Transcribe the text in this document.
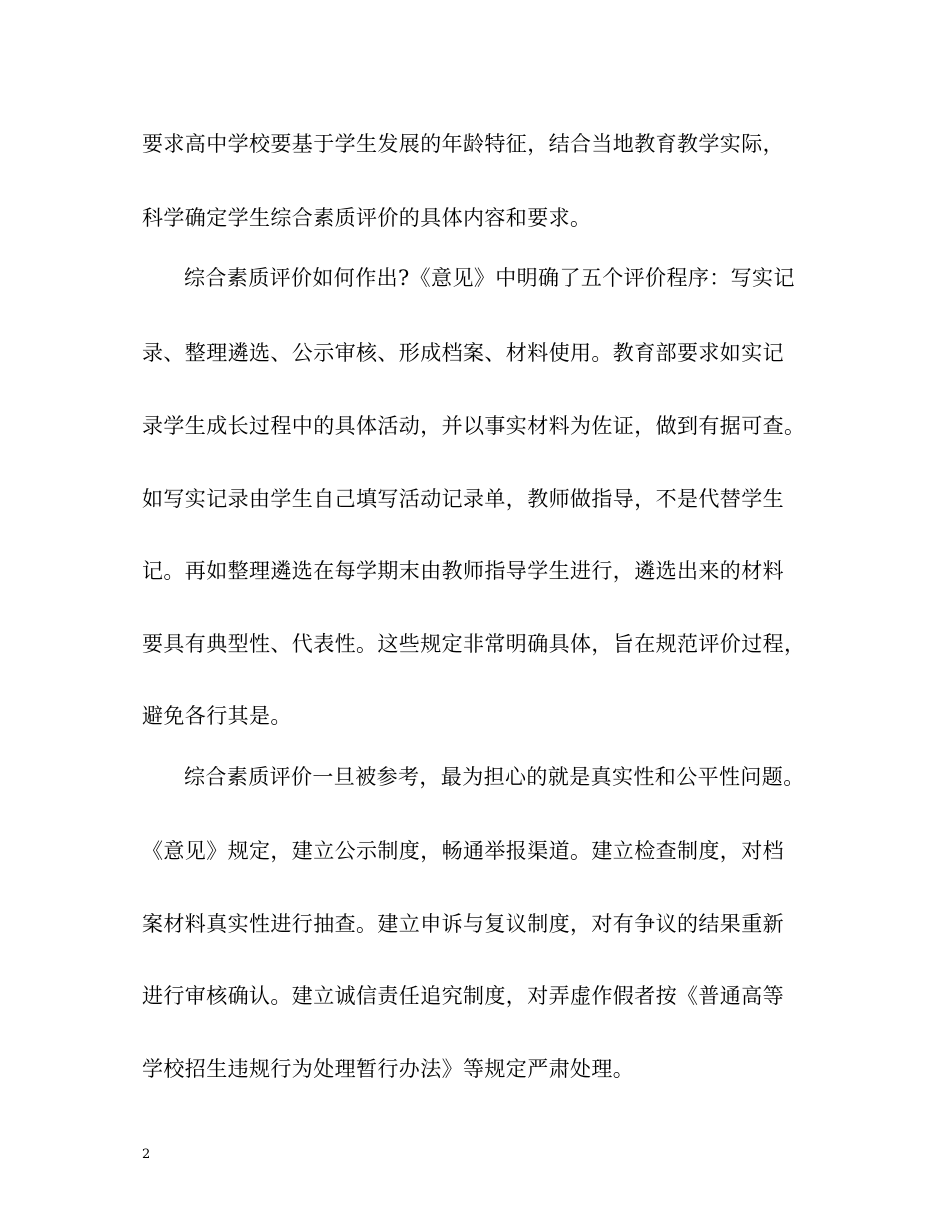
要求高中学校要基于学生发展的年龄特征，结合当地教育教学实际，
科学确定学生综合素质评价的具体内容和要求。
综合素质评价如何作出?《意见》中明确了五个评价程序：写实记
录、整理遴选、公示审核、形成档案、材料使用。教育部要求如实记
录学生成长过程中的具体活动，并以事实材料为佐证，做到有据可查。
如写实记录由学生自己填写活动记录单，教师做指导，不是代替学生
记。再如整理遴选在每学期末由教师指导学生进行，遴选出来的材料
要具有典型性、代表性。这些规定非常明确具体，旨在规范评价过程，
避免各行其是。
综合素质评价一旦被参考，最为担心的就是真实性和公平性问题。
《意见》规定，建立公示制度，畅通举报渠道。建立检查制度，对档
案材料真实性进行抽查。建立申诉与复议制度，对有争议的结果重新
进行审核确认。建立诚信责任追究制度，对弄虚作假者按《普通高等
学校招生违规行为处理暂行办法》等规定严肃处理。
2
